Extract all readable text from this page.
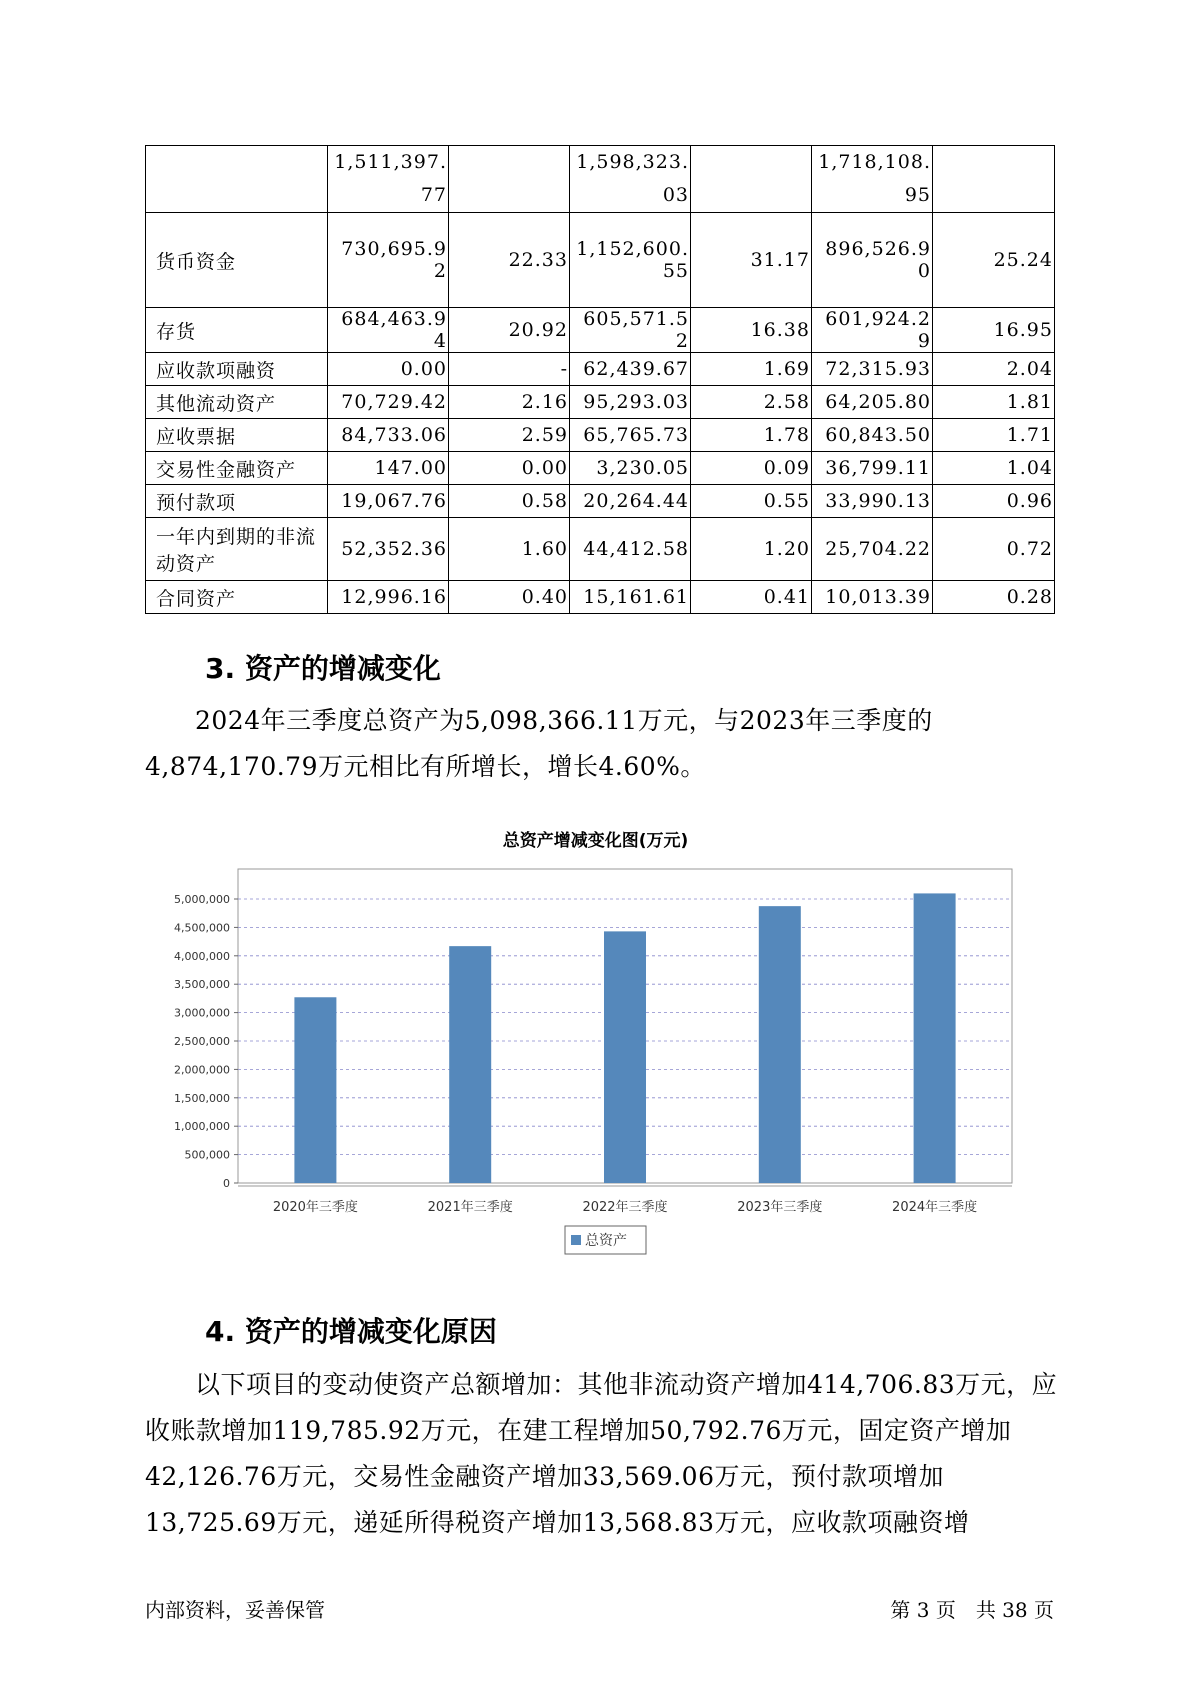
	1,511,397.77		1,598,323.03		1,718,108.95	
货币资金	730,695.92	22.33	1,152,600.55	31.17	896,526.90	25.24
存货	684,463.94	20.92	605,571.52	16.38	601,924.29	16.95
应收款项融资	0.00	-	62,439.67	1.69	72,315.93	2.04
其他流动资产	70,729.42	2.16	95,293.03	2.58	64,205.80	1.81
应收票据	84,733.06	2.59	65,765.73	1.78	60,843.50	1.71
交易性金融资产	147.00	0.00	3,230.05	0.09	36,799.11	1.04
预付款项	19,067.76	0.58	20,264.44	0.55	33,990.13	0.96
一年内到期的非流动资产	52,352.36	1.60	44,412.58	1.20	25,704.22	0.72
合同资产	12,996.16	0.40	15,161.61	0.41	10,013.39	0.28
3. 资产的增减变化
2024年三季度总资产为5,098,366.11万元，与2023年三季度的4,874,170.79万元相比有所增长，增长4.60%。
总资产增减变化图(万元)
0
500,000
1,000,000
1,500,000
2,000,000
2,500,000
3,000,000
3,500,000
4,000,000
4,500,000
5,000,000
2020年三季度	2021年三季度	2022年三季度	2023年三季度	2024年三季度
总资产
4. 资产的增减变化原因
以下项目的变动使资产总额增加：其他非流动资产增加414,706.83万元，应收账款增加119,785.92万元，在建工程增加50,792.76万元，固定资产增加42,126.76万元，交易性金融资产增加33,569.06万元，预付款项增加13,725.69万元，递延所得税资产增加13,568.83万元，应收款项融资增
内部资料，妥善保管	第 3 页　共 38 页
